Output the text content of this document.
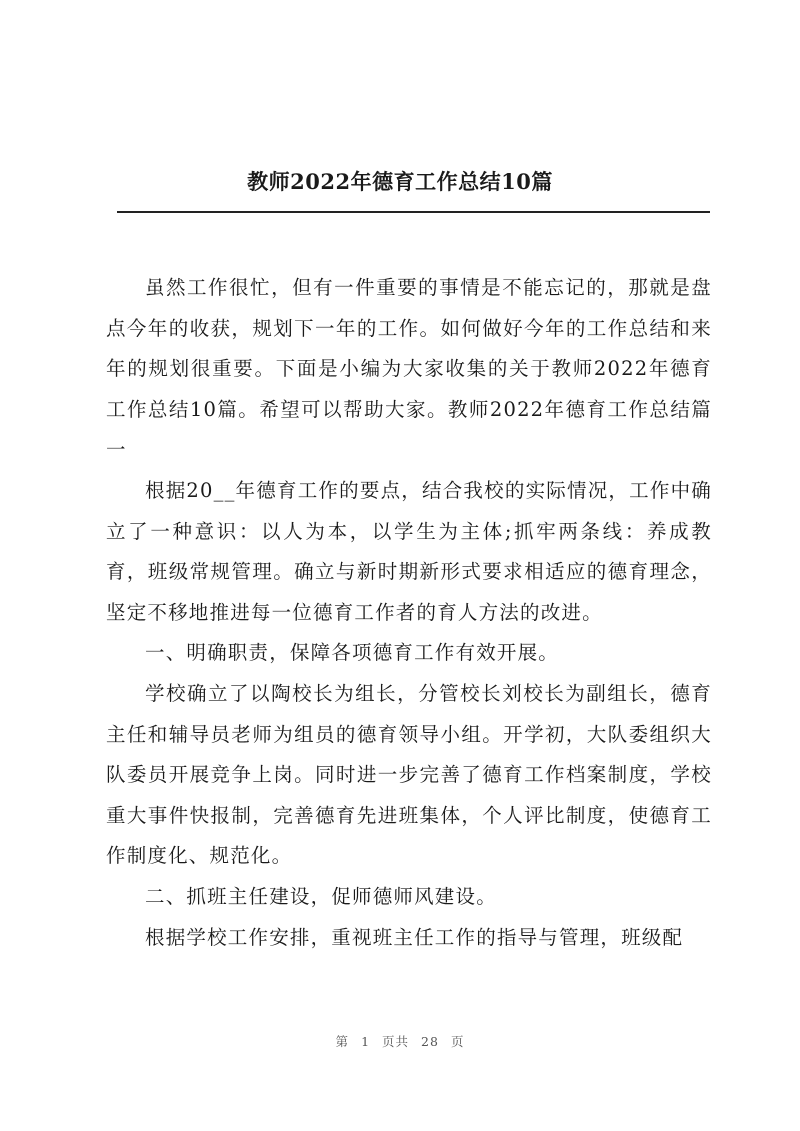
教师2022年德育工作总结10篇

虽然工作很忙，但有一件重要的事情是不能忘记的，那就是盘点今年的收获，规划下一年的工作。如何做好今年的工作总结和来年的规划很重要。下面是小编为大家收集的关于教师2022年德育工作总结10篇。希望可以帮助大家。教师2022年德育工作总结篇一

根据20__年德育工作的要点，结合我校的实际情况，工作中确立了一种意识：以人为本，以学生为主体;抓牢两条线：养成教育，班级常规管理。确立与新时期新形式要求相适应的德育理念，坚定不移地推进每一位德育工作者的育人方法的改进。

一、明确职责，保障各项德育工作有效开展。

学校确立了以陶校长为组长，分管校长刘校长为副组长，德育主任和辅导员老师为组员的德育领导小组。开学初，大队委组织大队委员开展竞争上岗。同时进一步完善了德育工作档案制度，学校重大事件快报制，完善德育先进班集体，个人评比制度，使德育工作制度化、规范化。

二、抓班主任建设，促师德师风建设。

根据学校工作安排，重视班主任工作的指导与管理，班级配

第 1 页共 28 页
